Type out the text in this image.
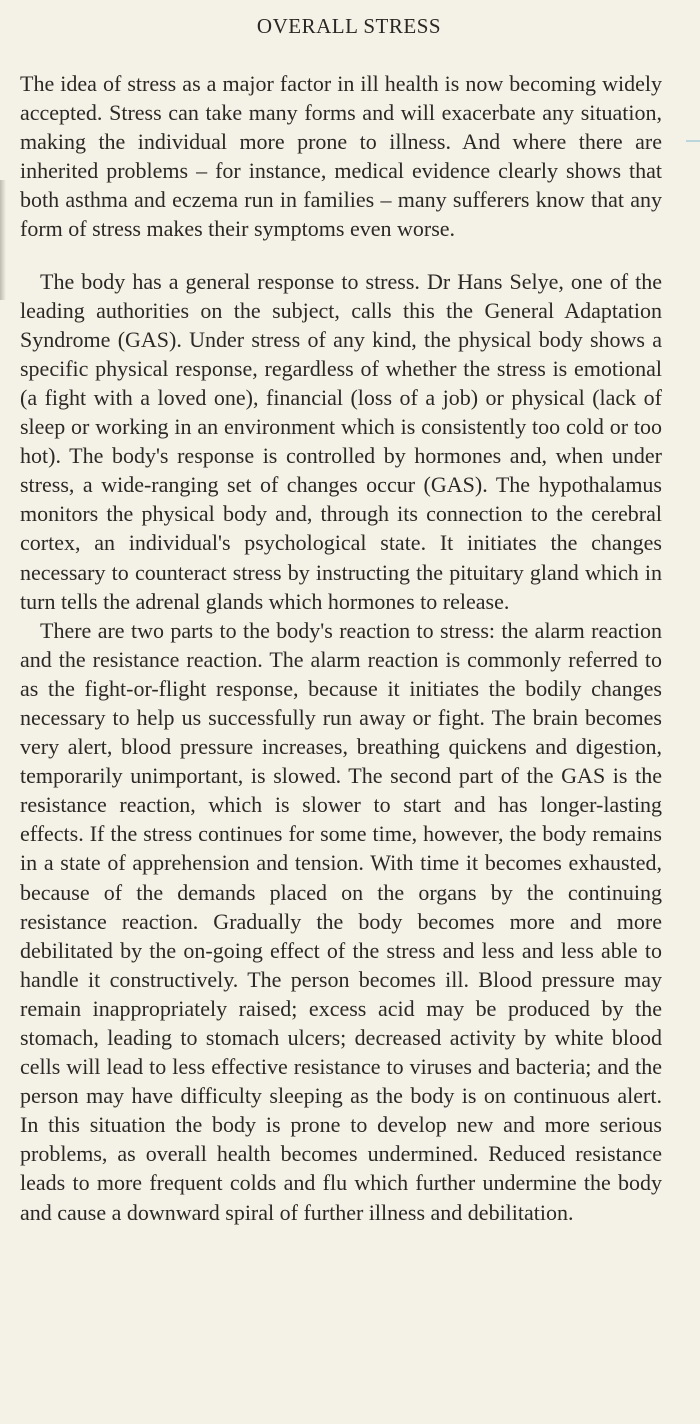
OVERALL STRESS

The idea of stress as a major factor in ill health is now becoming widely accepted. Stress can take many forms and will exacerbate any situation, making the individual more prone to illness. And where there are inherited problems – for instance, medical evidence clearly shows that both asthma and eczema run in families – many sufferers know that any form of stress makes their symptoms even worse.

The body has a general response to stress. Dr Hans Selye, one of the leading authorities on the subject, calls this the General Adaptation Syndrome (GAS). Under stress of any kind, the physical body shows a specific physical response, regardless of whether the stress is emotional (a fight with a loved one), financial (loss of a job) or physical (lack of sleep or working in an environment which is consistently too cold or too hot). The body's response is controlled by hormones and, when under stress, a wide-ranging set of changes occur (GAS). The hypothalamus monitors the physical body and, through its connection to the cerebral cortex, an individual's psychological state. It initiates the changes necessary to counteract stress by instructing the pituitary gland which in turn tells the adrenal glands which hormones to release.

There are two parts to the body's reaction to stress: the alarm reaction and the resistance reaction. The alarm reaction is commonly referred to as the fight-or-flight response, because it initiates the bodily changes necessary to help us successfully run away or fight. The brain becomes very alert, blood pressure increases, breathing quickens and digestion, temporarily unimportant, is slowed. The second part of the GAS is the resistance reaction, which is slower to start and has longer-lasting effects. If the stress continues for some time, however, the body remains in a state of apprehension and tension. With time it becomes exhausted, because of the demands placed on the organs by the continuing resistance reaction. Gradually the body becomes more and more debilitated by the on-going effect of the stress and less and less able to handle it constructively. The person becomes ill. Blood pressure may remain inappropriately raised; excess acid may be produced by the stomach, leading to stomach ulcers; decreased activity by white blood cells will lead to less effective resistance to viruses and bacteria; and the person may have difficulty sleeping as the body is on continuous alert. In this situation the body is prone to develop new and more serious problems, as overall health becomes undermined. Reduced resistance leads to more frequent colds and flu which further undermine the body and cause a downward spiral of further illness and debilitation.
